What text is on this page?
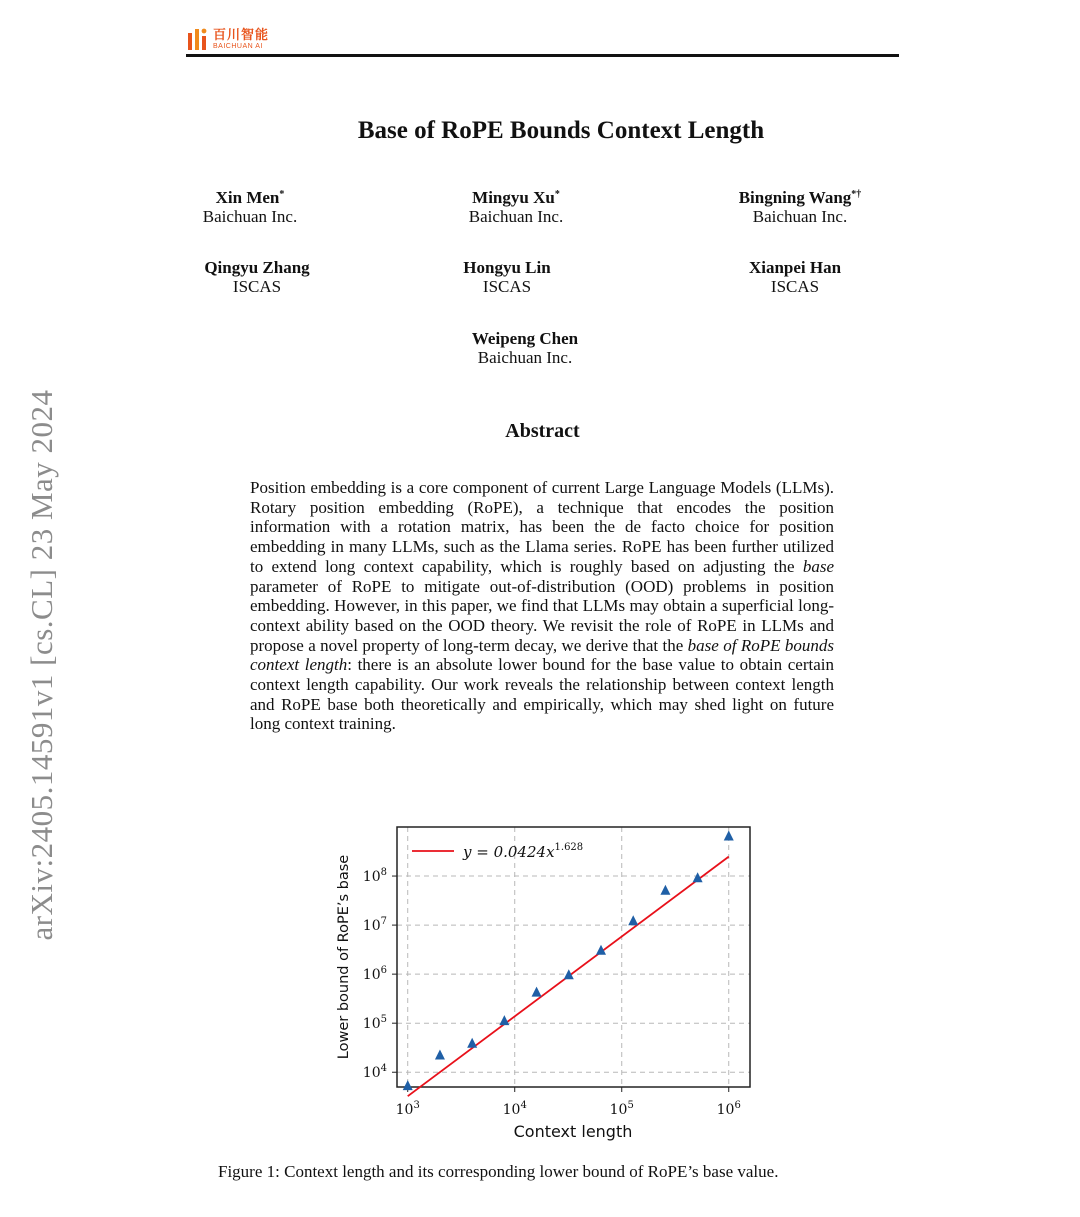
百川智能
BAICHUAN AI
arXiv:2405.14591v1 [cs.CL] 23 May 2024
Base of RoPE Bounds Context Length
Xin Men*
Baichuan Inc.
Mingyu Xu*
Baichuan Inc.
Bingning Wang*†
Baichuan Inc.
Qingyu Zhang
ISCAS
Hongyu Lin
ISCAS
Xianpei Han
ISCAS
Weipeng Chen
Baichuan Inc.
Abstract

Position embedding is a core component of current Large Language Models (LLMs). Rotary position embedding (RoPE), a technique that encodes the position information with a rotation matrix, has been the de facto choice for position embedding in many LLMs, such as the Llama series. RoPE has been further utilized to extend long context capability, which is roughly based on adjusting the base parameter of RoPE to mitigate out-of-distribution (OOD) problems in position embedding. However, in this paper, we find that LLMs may obtain a superficial long-context ability based on the OOD theory. We revisit the role of RoPE in LLMs and propose a novel property of long-term decay, we derive that the base of RoPE bounds context length: there is an absolute lower bound for the base value to obtain certain context length capability. Our work reveals the relationship between context length and RoPE base both theoretically and empirically, which may shed light on future long context training.

$10^3$	$10^4$	$10^5$	$10^6$
$10^4$
$10^5$
$10^6$
$10^7$
$10^8$
$y = 0.0424x^{1.628}$
Context length
Lower bound of RoPE’s base
Figure 1: Context length and its corresponding lower bound of RoPE’s base value.
